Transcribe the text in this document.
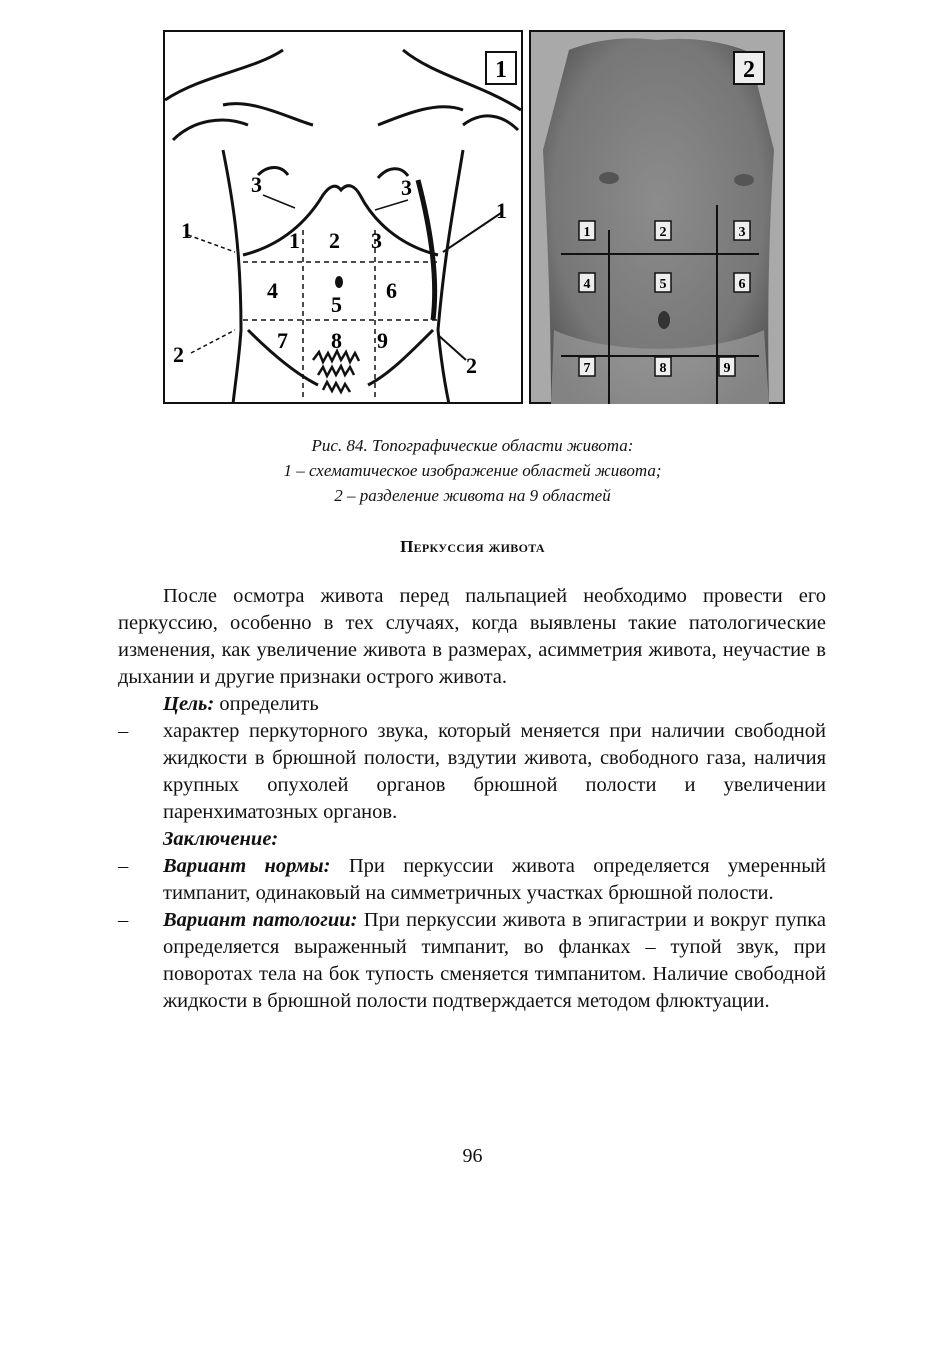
1
1
1
1 2 3
3	3
4
5
6
7 8 9
2	2
2
1	2	3
4	5	6
7	8	9
Рис. 84. Топографические области живота:
1 – схематическое изображение областей живота;
2 – разделение живота на 9 областей
Перкуссия живота

После осмотра живота перед пальпацией необходимо провести его перкуссию, особенно в тех случаях, когда выявлены такие патологические изменения, как увеличение живота в размерах, асимметрия живота, неучастие в дыхании и другие признаки острого живота.

Цель: определить

– характер перкуторного звука, который меняется при наличии свободной жидкости в брюшной полости, вздутии живота, свободного газа, наличия крупных опухолей органов брюшной полости и увеличении паренхиматозных органов.

Заключение:

– Вариант нормы: При перкуссии живота определяется умеренный тимпанит, одинаковый на симметричных участках брюшной полости.
– Вариант патологии: При перкуссии живота в эпигастрии и вокруг пупка определяется выраженный тимпанит, во фланках – тупой звук, при поворотах тела на бок тупость сменяется тимпанитом. Наличие свободной жидкости в брюшной полости подтверждается методом флюктуации.
96
